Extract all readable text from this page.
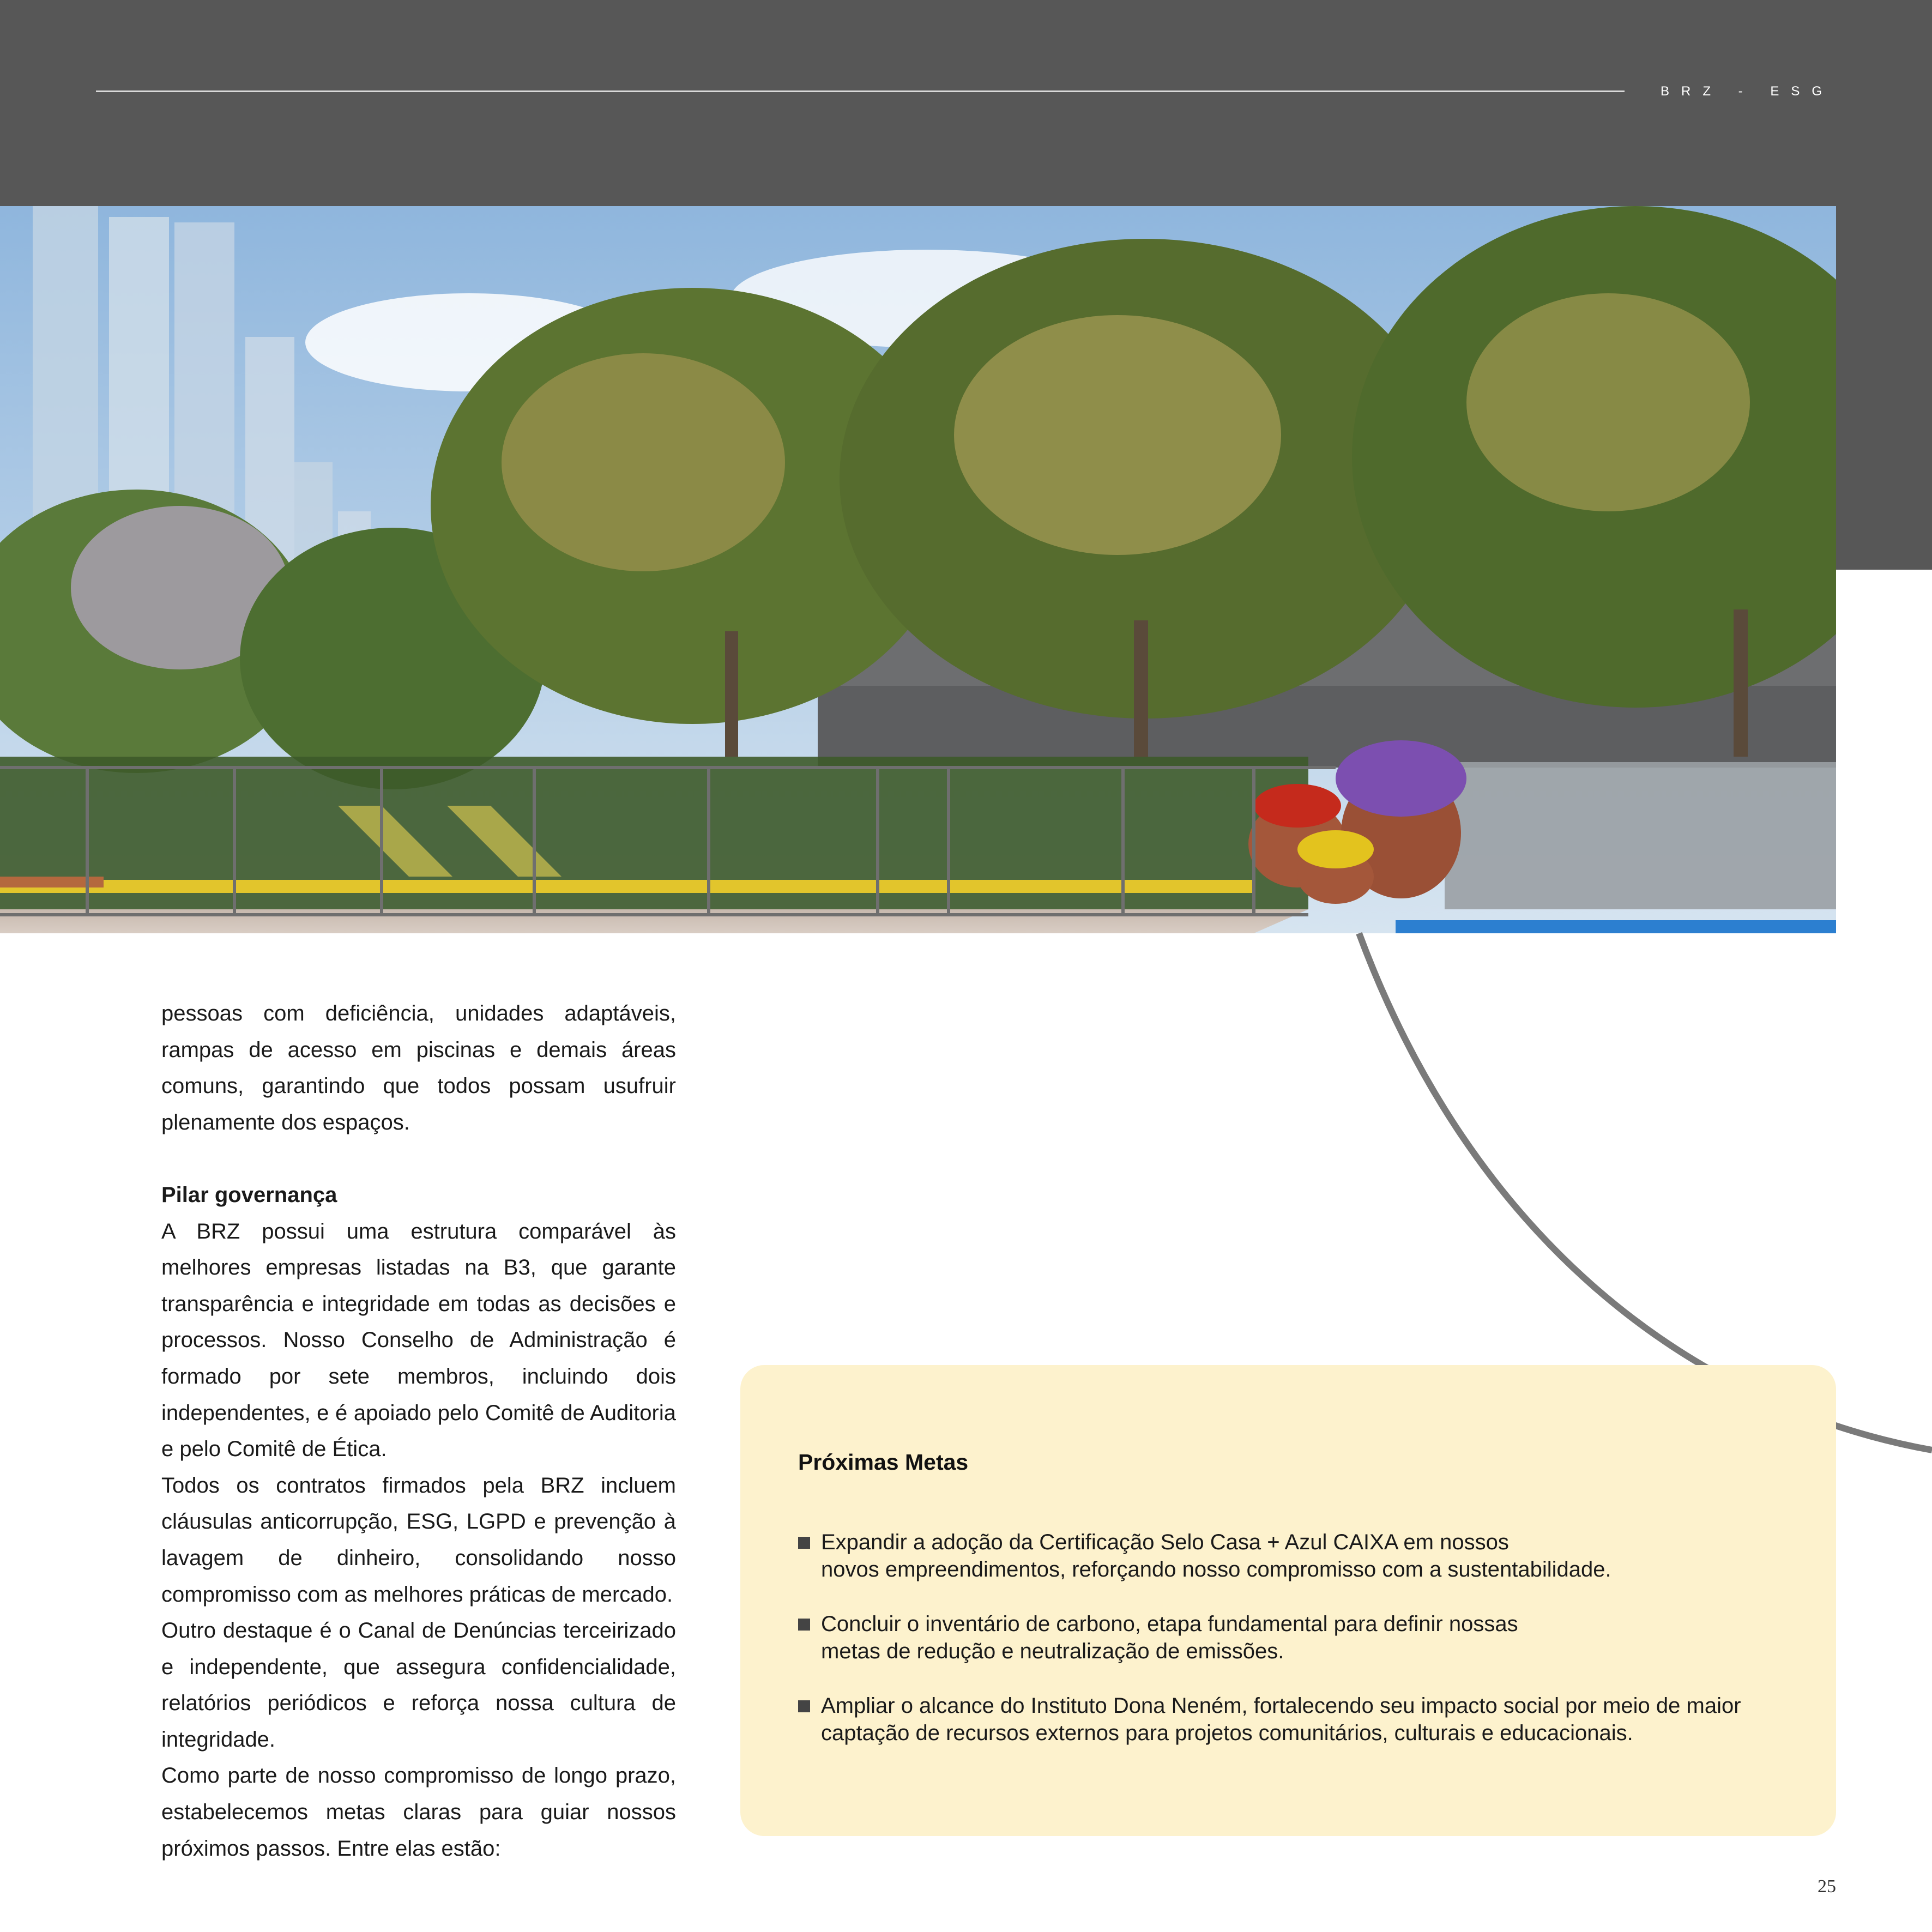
BRZ - ESG

pessoas com deficiência, unidades adaptáveis, rampas de acesso em piscinas e demais áreas comuns, garantindo que todos possam usufruir plenamente dos espaços.

Pilar governança

A BRZ possui uma estrutura comparável às melhores empresas listadas na B3, que garante transparência e integridade em todas as decisões e processos. Nosso Conselho de Administração é formado por sete membros, incluindo dois independentes, e é apoiado pelo Comitê de Auditoria e pelo Comitê de Ética.

Todos os contratos firmados pela BRZ incluem cláusulas anticorrupção, ESG, LGPD e prevenção à lavagem de dinheiro, consolidando nosso compromisso com as melhores práticas de mercado.

Outro destaque é o Canal de Denúncias terceirizado e independente, que assegura confidencialidade, relatórios periódicos e reforça nossa cultura de integridade.

Como parte de nosso compromisso de longo prazo, estabelecemos metas claras para guiar nossos próximos passos. Entre elas estão:

Próximas Metas
Expandir a adoção da Certificação Selo Casa + Azul CAIXA em nossos
novos empreendimentos, reforçando nosso compromisso com a sustentabilidade.
Concluir o inventário de carbono, etapa fundamental para definir nossas
metas de redução e neutralização de emissões.
Ampliar o alcance do Instituto Dona Neném, fortalecendo seu impacto social por meio de maior
captação de recursos externos para projetos comunitários, culturais e educacionais.
25
